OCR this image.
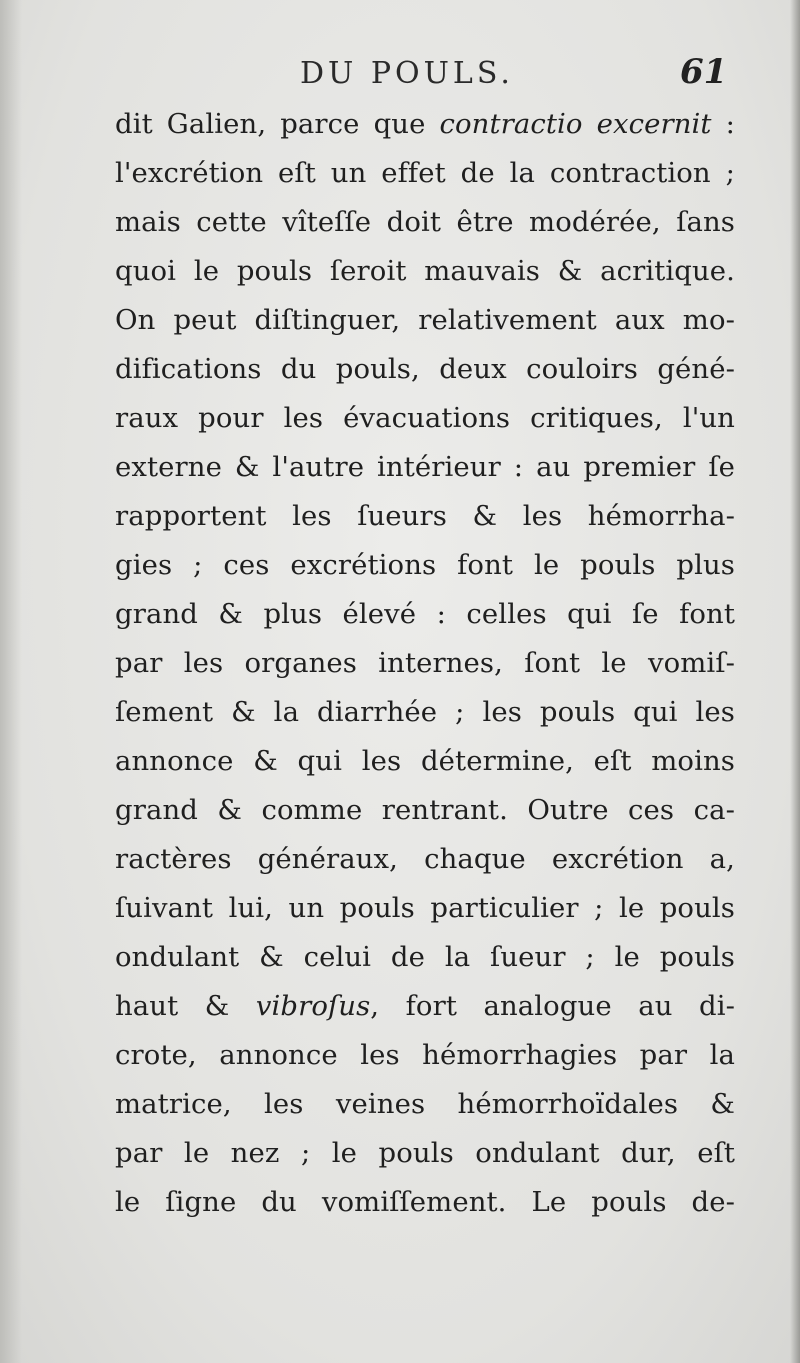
DU POULS.	61
dit Galien, parce que contractio excernit :
l'excrétion eſt un effet de la contraction ;
mais cette vîteſſe doit être modérée, ſans
quoi le pouls ſeroit mauvais & acritique.
On peut diſtinguer, relativement aux mo-
difications du pouls, deux couloirs géné-
raux pour les évacuations critiques, l'un
externe & l'autre intérieur : au premier ſe
rapportent les ſueurs & les hémorrha-
gies ; ces excrétions font le pouls plus
grand & plus élevé : celles qui ſe font
par les organes internes, ſont le vomiſ-
ſement & la diarrhée ; les pouls qui les
annonce & qui les détermine, eſt moins
grand & comme rentrant. Outre ces ca-
ractères généraux, chaque excrétion a,
ſuivant lui, un pouls particulier ; le pouls
ondulant & celui de la ſueur ; le pouls
haut & vibroſus, fort analogue au di-
crote, annonce les hémorrhagies par la
matrice, les veines hémorrhoïdales &
par le nez ; le pouls ondulant dur, eſt
le ſigne du vomiſſement. Le pouls de-
